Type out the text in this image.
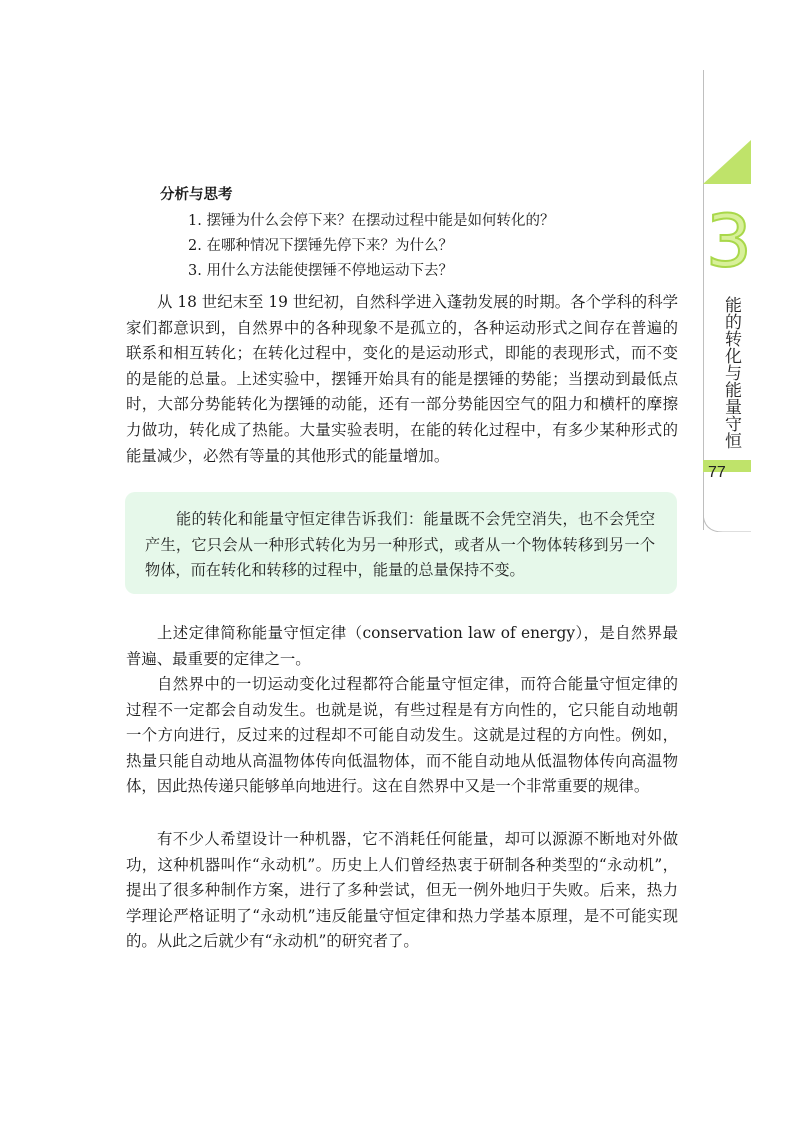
3
能的转化与能量守恒
77
分析与思考
1. 摆锤为什么会停下来？在摆动过程中能是如何转化的？
2. 在哪种情况下摆锤先停下来？为什么？
3. 用什么方法能使摆锤不停地运动下去？

从 18 世纪末至 19 世纪初，自然科学进入蓬勃发展的时期。各个学科的科学家们都意识到，自然界中的各种现象不是孤立的，各种运动形式之间存在普遍的联系和相互转化；在转化过程中，变化的是运动形式，即能的表现形式，而不变的是能的总量。上述实验中，摆锤开始具有的能是摆锤的势能；当摆动到最低点时，大部分势能转化为摆锤的动能，还有一部分势能因空气的阻力和横杆的摩擦力做功，转化成了热能。大量实验表明，在能的转化过程中，有多少某种形式的能量减少，必然有等量的其他形式的能量增加。

能的转化和能量守恒定律告诉我们：能量既不会凭空消失，也不会凭空产生，它只会从一种形式转化为另一种形式，或者从一个物体转移到另一个物体，而在转化和转移的过程中，能量的总量保持不变。

上述定律简称能量守恒定律（conservation law of energy），是自然界最普遍、最重要的定律之一。

自然界中的一切运动变化过程都符合能量守恒定律，而符合能量守恒定律的过程不一定都会自动发生。也就是说，有些过程是有方向性的，它只能自动地朝一个方向进行，反过来的过程却不可能自动发生。这就是过程的方向性。例如，热量只能自动地从高温物体传向低温物体，而不能自动地从低温物体传向高温物体，因此热传递只能够单向地进行。这在自然界中又是一个非常重要的规律。

有不少人希望设计一种机器，它不消耗任何能量，却可以源源不断地对外做功，这种机器叫作“永动机”。历史上人们曾经热衷于研制各种类型的“永动机”，提出了很多种制作方案，进行了多种尝试，但无一例外地归于失败。后来，热力学理论严格证明了“永动机”违反能量守恒定律和热力学基本原理，是不可能实现的。从此之后就少有“永动机”的研究者了。
